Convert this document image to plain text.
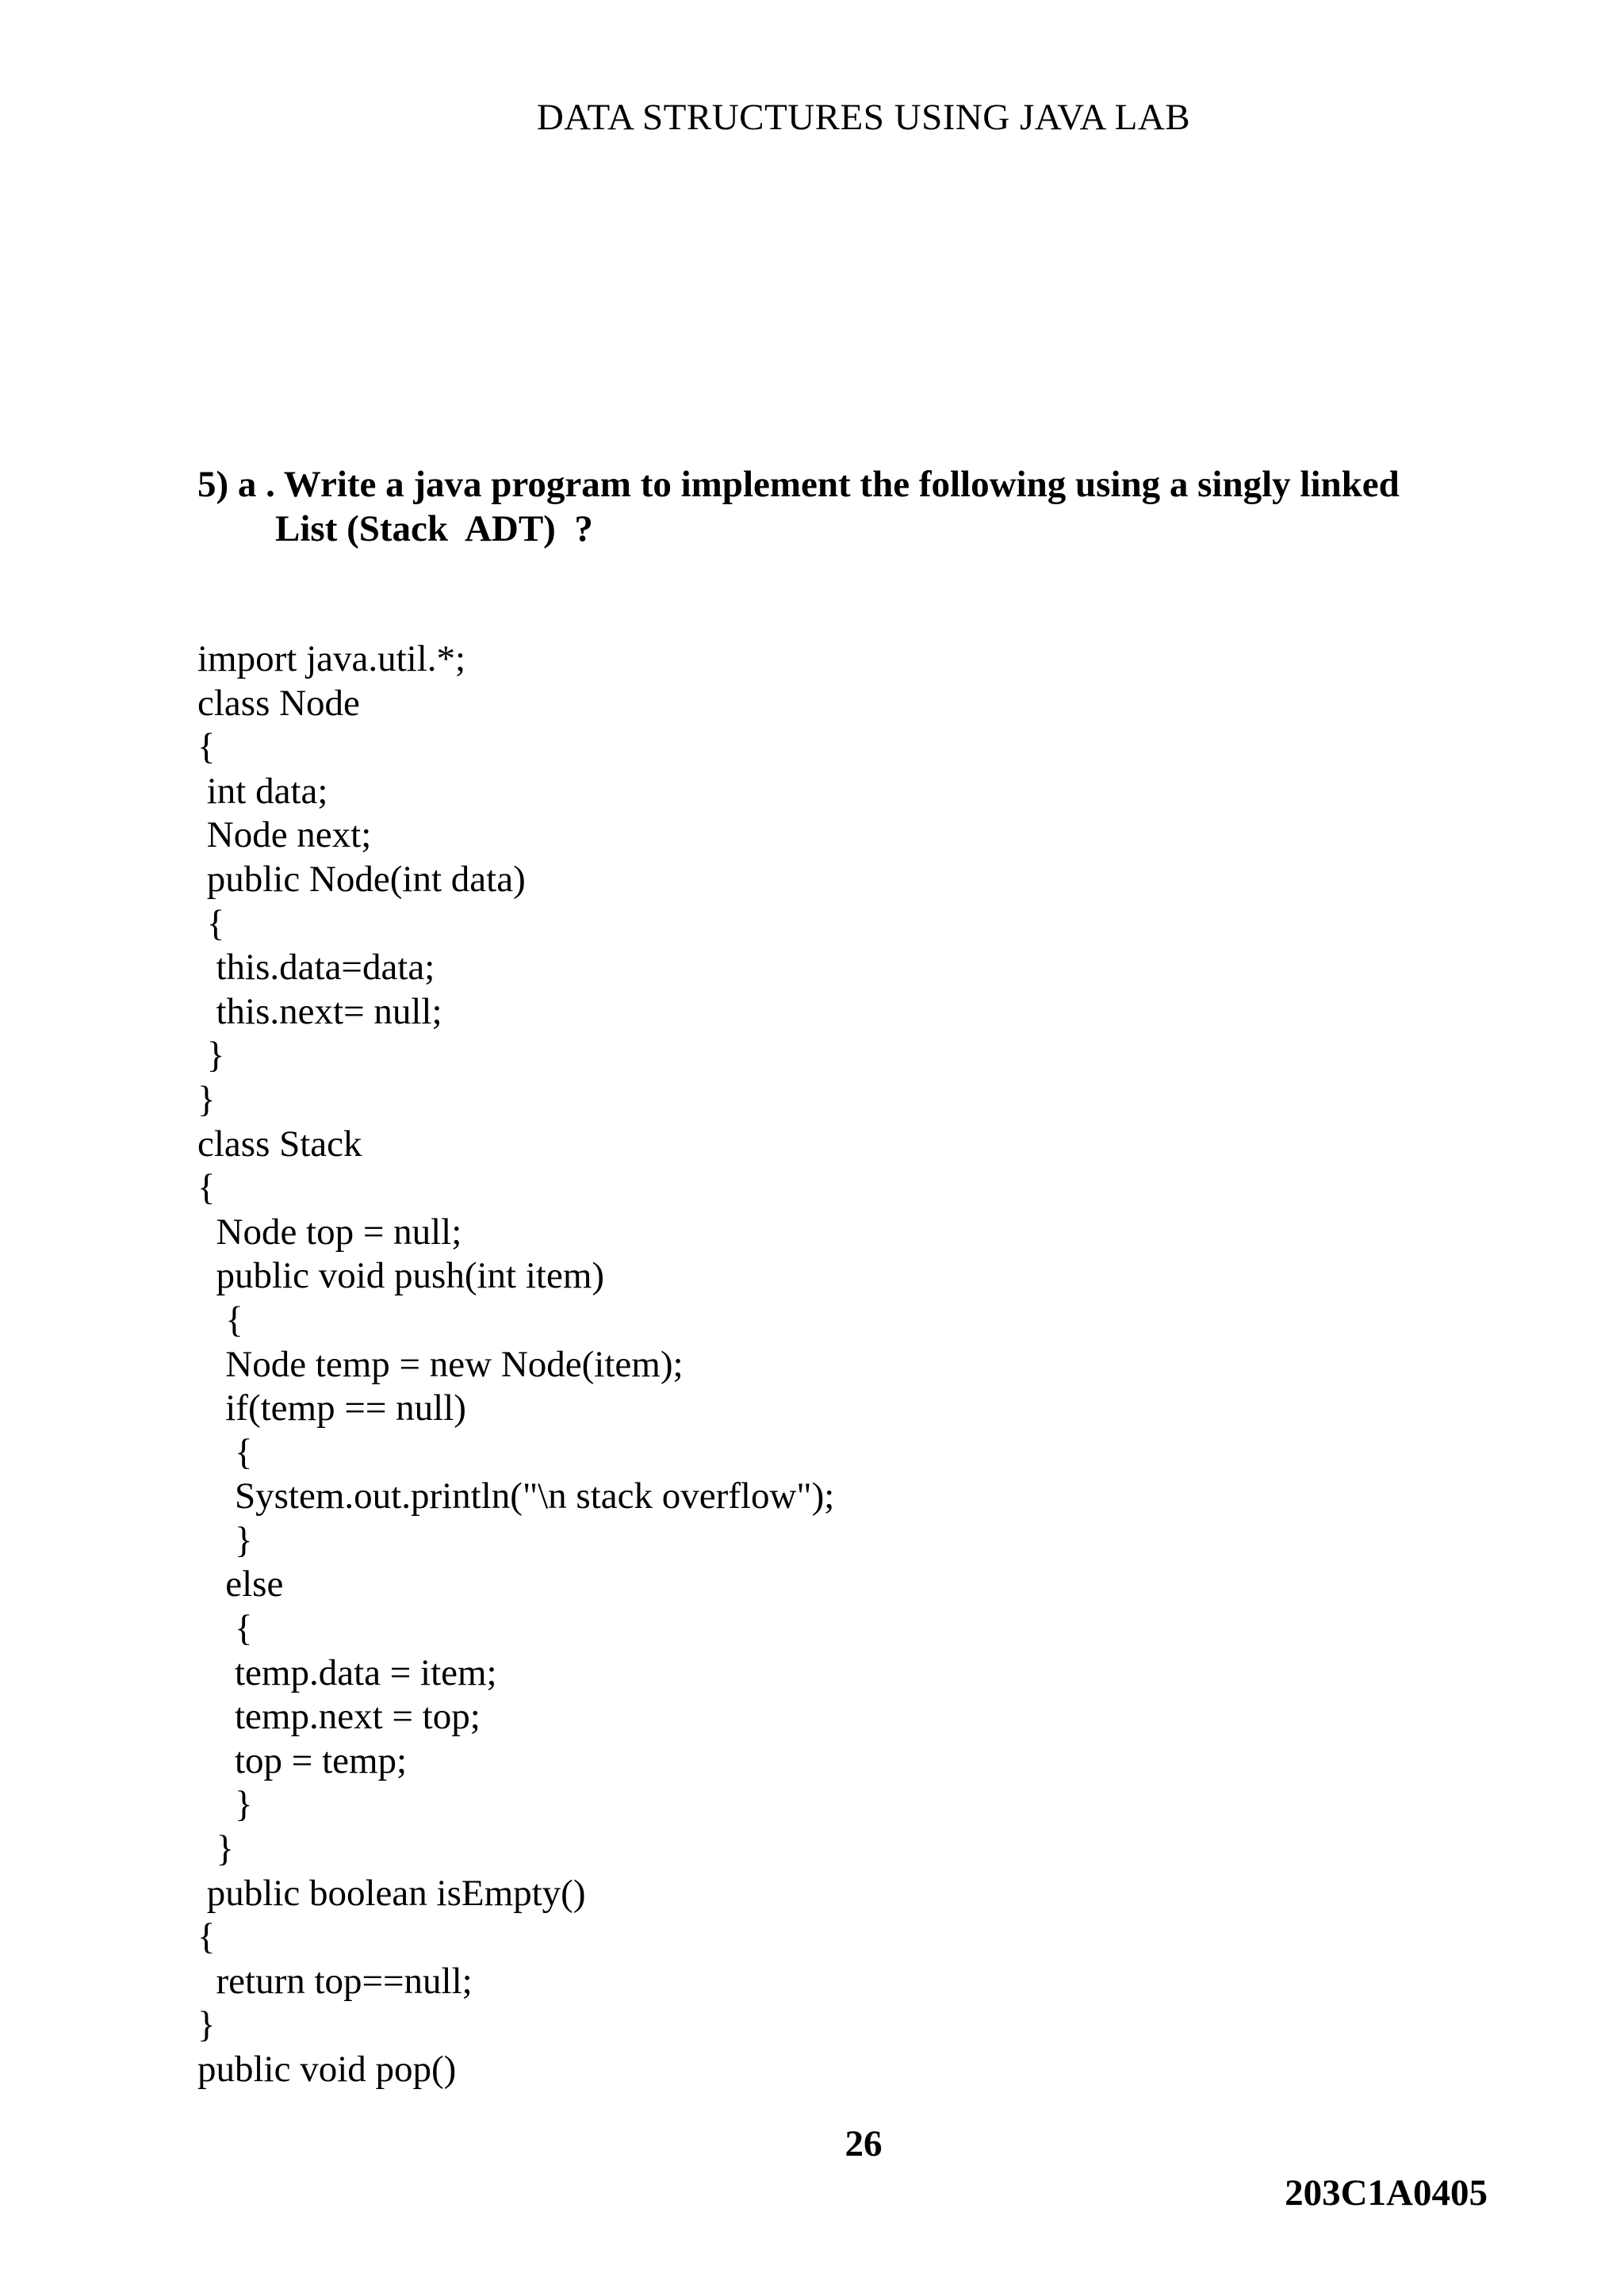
DATA STRUCTURES USING JAVA LAB
5) a . Write a java program to implement the following using a singly linked
List (Stack  ADT)  ?
import java.util.*;
class Node
{
int data;
Node next;
public Node(int data)
{
this.data=data;
this.next= null;
}
}
class Stack
{
Node top = null;
public void push(int item)
{
Node temp = new Node(item);
if(temp == null)
{
System.out.println("\n stack overflow");
}
else
{
temp.data = item;
temp.next = top;
top = temp;
}
}
public boolean isEmpty()
{
return top==null;
}
public void pop()
26
203C1A0405
